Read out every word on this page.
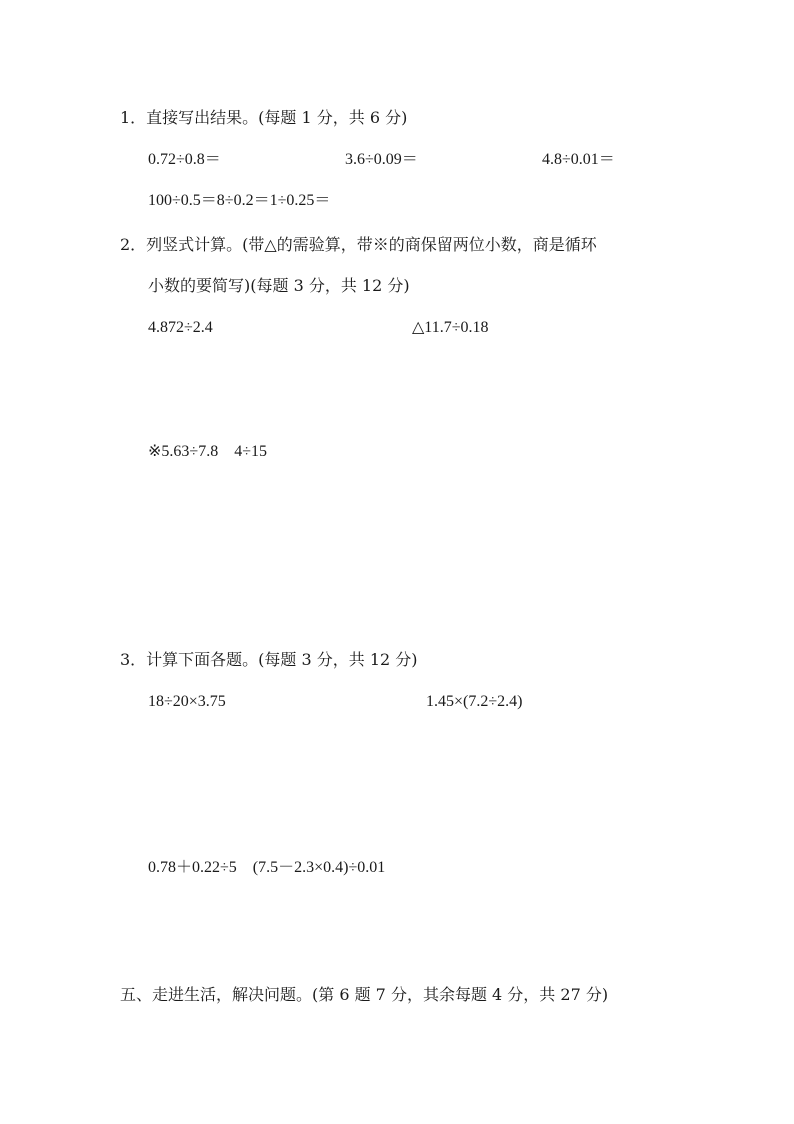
1．直接写出结果。(每题 1 分，共 6 分)
0.72÷0.8＝	3.6÷0.09＝	4.8÷0.01＝
100÷0.5＝8÷0.2＝1÷0.25＝
2．列竖式计算。(带△的需验算，带※的商保留两位小数，商是循环
小数的要简写)(每题 3 分，共 12 分)
4.872÷2.4	△11.7÷0.18
※5.63÷7.8　4÷15
3．计算下面各题。(每题 3 分，共 12 分)
18÷20×3.75	1.45×(7.2÷2.4)
0.78＋0.22÷5　(7.5－2.3×0.4)÷0.01
五、走进生活，解决问题。(第 6 题 7 分，其余每题 4 分，共 27 分)
